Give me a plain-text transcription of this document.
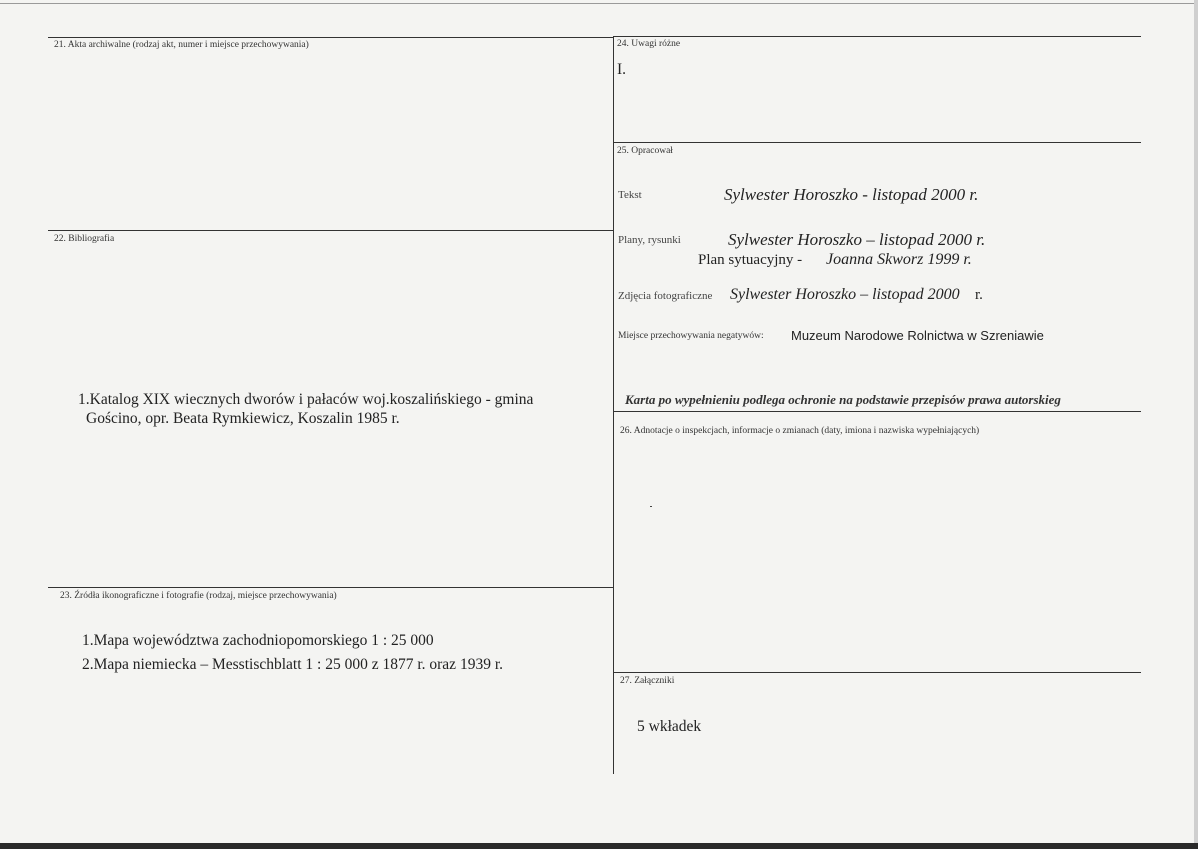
21. Akta archiwalne (rodzaj akt, numer i miejsce przechowywania)
22. Bibliografia
1.Katalog XIX wiecznych dworów i pałaców woj.koszalińskiego - gmina
Gościno, opr. Beata Rymkiewicz, Koszalin 1985 r.
23. Źródła ikonograficzne i fotografie (rodzaj, miejsce przechowywania)
1.Mapa województwa zachodniopomorskiego 1 : 25 000
2.Mapa niemiecka – Messtischblatt 1 : 25 000 z 1877 r. oraz 1939 r.
24. Uwagi różne
I.
25. Opracował
Tekst	Sylwester Horoszko - listopad 2000 r.
Plany, rysunki	Sylwester Horoszko – listopad 2000 r.
Plan sytuacyjny - Joanna Skworz 1999 r.
Zdjęcia fotograficzne Sylwester Horoszko – listopad 2000 r.
Miejsce przechowywania negatywów: Muzeum Narodowe Rolnictwa w Szreniawie
Karta po wypełnieniu podlega ochronie na podstawie przepisów prawa autorskieg
26. Adnotacje o inspekcjach, informacje o zmianach (daty, imiona i nazwiska wypełniających)
27. Załączniki
5 wkładek
